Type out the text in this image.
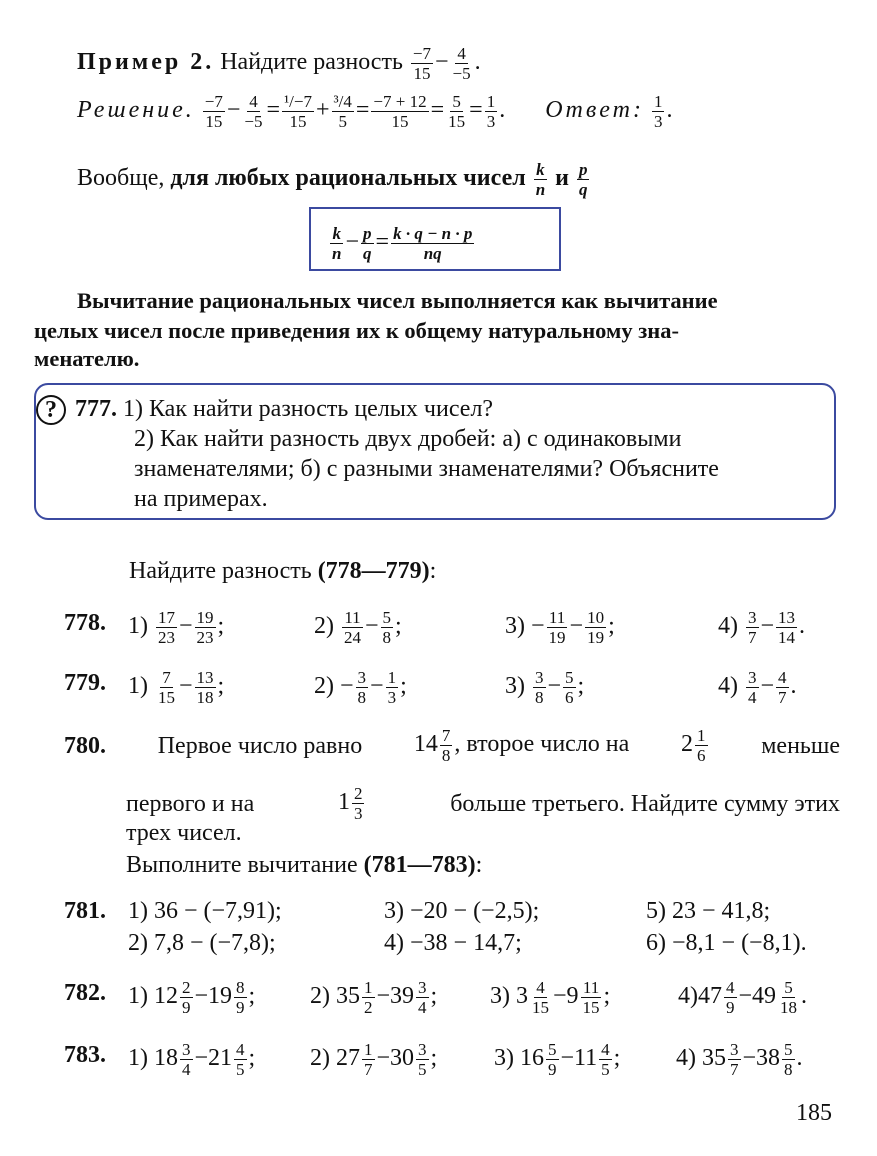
Пример 2. Найдите разность $\frac{-7}{15} - \frac{4}{-5}$ .
Решение. $\frac{-7}{15} - \frac{4}{-5} = \frac{\text{¹/−7}}{15} + \frac{\text{³/4}}{5} = \frac{-7 + 12}{15} = \frac{5}{15} = \frac{1}{3}$ .  Ответ: $\frac{1}{3}$ .
Вообще, для любых рациональных чисел $\frac{k}{n}$ и $\frac{p}{q}$
$\frac{k}{n} - \frac{p}{q} = \frac{k \cdot q - n \cdot p}{nq}$
Вычитание рациональных чисел выполняется как вычитание
целых чисел после приведения их к общему натуральному зна-
менателю.
? 777. 1) Как найти разность целых чисел?
2) Как найти разность двух дробей: а) с одинаковыми
знаменателями; б) с разными знаменателями? Объясните
на примерах.
Найдите разность (778—779):
778. $1) \frac{17}{23} - \frac{19}{23}$ ;	$2) \frac{11}{24} - \frac{5}{8}$ ;	$3) - \frac{11}{19} - \frac{10}{19}$ ;	$4) \frac{3}{7} - \frac{13}{14}$ .
779. $1) \frac{7}{15} - \frac{13}{18}$ ;	$2) - \frac{3}{8} - \frac{1}{3}$ ;	$3) \frac{3}{8} - \frac{5}{6}$ ;	$4) \frac{3}{4} - \frac{4}{7}$ .
780. Первое число равно $14 \frac{7}{8}$ , второе число на $2 \frac{1}{6}$ меньше
первого и на	$1 \frac{2}{3}$	больше третьего. Найдите сумму этих
трех чисел.
Выполните вычитание (781—783):
781. 1) 36 − (−7,91);	3) −20 − (−2,5);	5) 23 − 41,8;
2) 7,8 − (−7,8);	4) −38 − 14,7;	6) −8,1 − (−8,1).
782. 1) $12 \frac{2}{9} -19 \frac{8}{9}$ ; 2) $35 \frac{1}{2} -39 \frac{3}{4}$ ; 3) $3 \frac{4}{15} -9 \frac{11}{15}$ ;	$4)47 \frac{4}{9} -49 \frac{5}{18}$ .
783. 1) $18 \frac{3}{4} -21 \frac{4}{5}$ ; 2) $27 \frac{1}{7} -30 \frac{3}{5}$ ; 3) $16 \frac{5}{9} -11 \frac{4}{5}$ ; 4) $35 \frac{3}{7} -38 \frac{5}{8}$ .
185
